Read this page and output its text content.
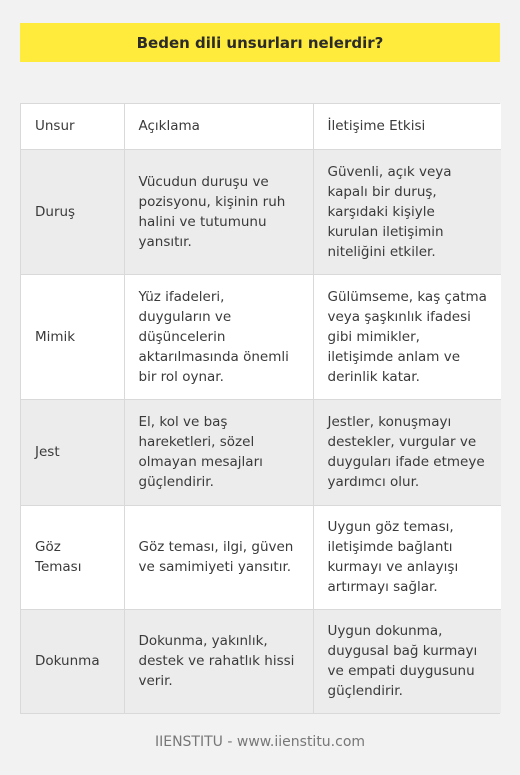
Beden dili unsurları nelerdir?
Unsur	Açıklama	İletişime Etkisi
Duruş	Vücudun duruşu ve pozisyonu, kişinin ruh halini ve tutumunu yansıtır.	Güvenli, açık veya kapalı bir duruş, karşıdaki kişiyle kurulan iletişimin niteliğini etkiler.
Mimik	Yüz ifadeleri, duyguların ve düşüncelerin aktarılmasında önemli bir rol oynar.	Gülümseme, kaş çatma veya şaşkınlık ifadesi gibi mimikler, iletişimde anlam ve derinlik katar.
Jest	El, kol ve baş hareketleri, sözel olmayan mesajları güçlendirir.	Jestler, konuşmayı destekler, vurgular ve duyguları ifade etmeye yardımcı olur.
Göz Teması	Göz teması, ilgi, güven ve samimiyeti yansıtır.	Uygun göz teması, iletişimde bağlantı kurmayı ve anlayışı artırmayı sağlar.
Dokunma	Dokunma, yakınlık, destek ve rahatlık hissi verir.	Uygun dokunma, duygusal bağ kurmayı ve empati duygusunu güçlendirir.
IIENSTITU - www.iienstitu.com
